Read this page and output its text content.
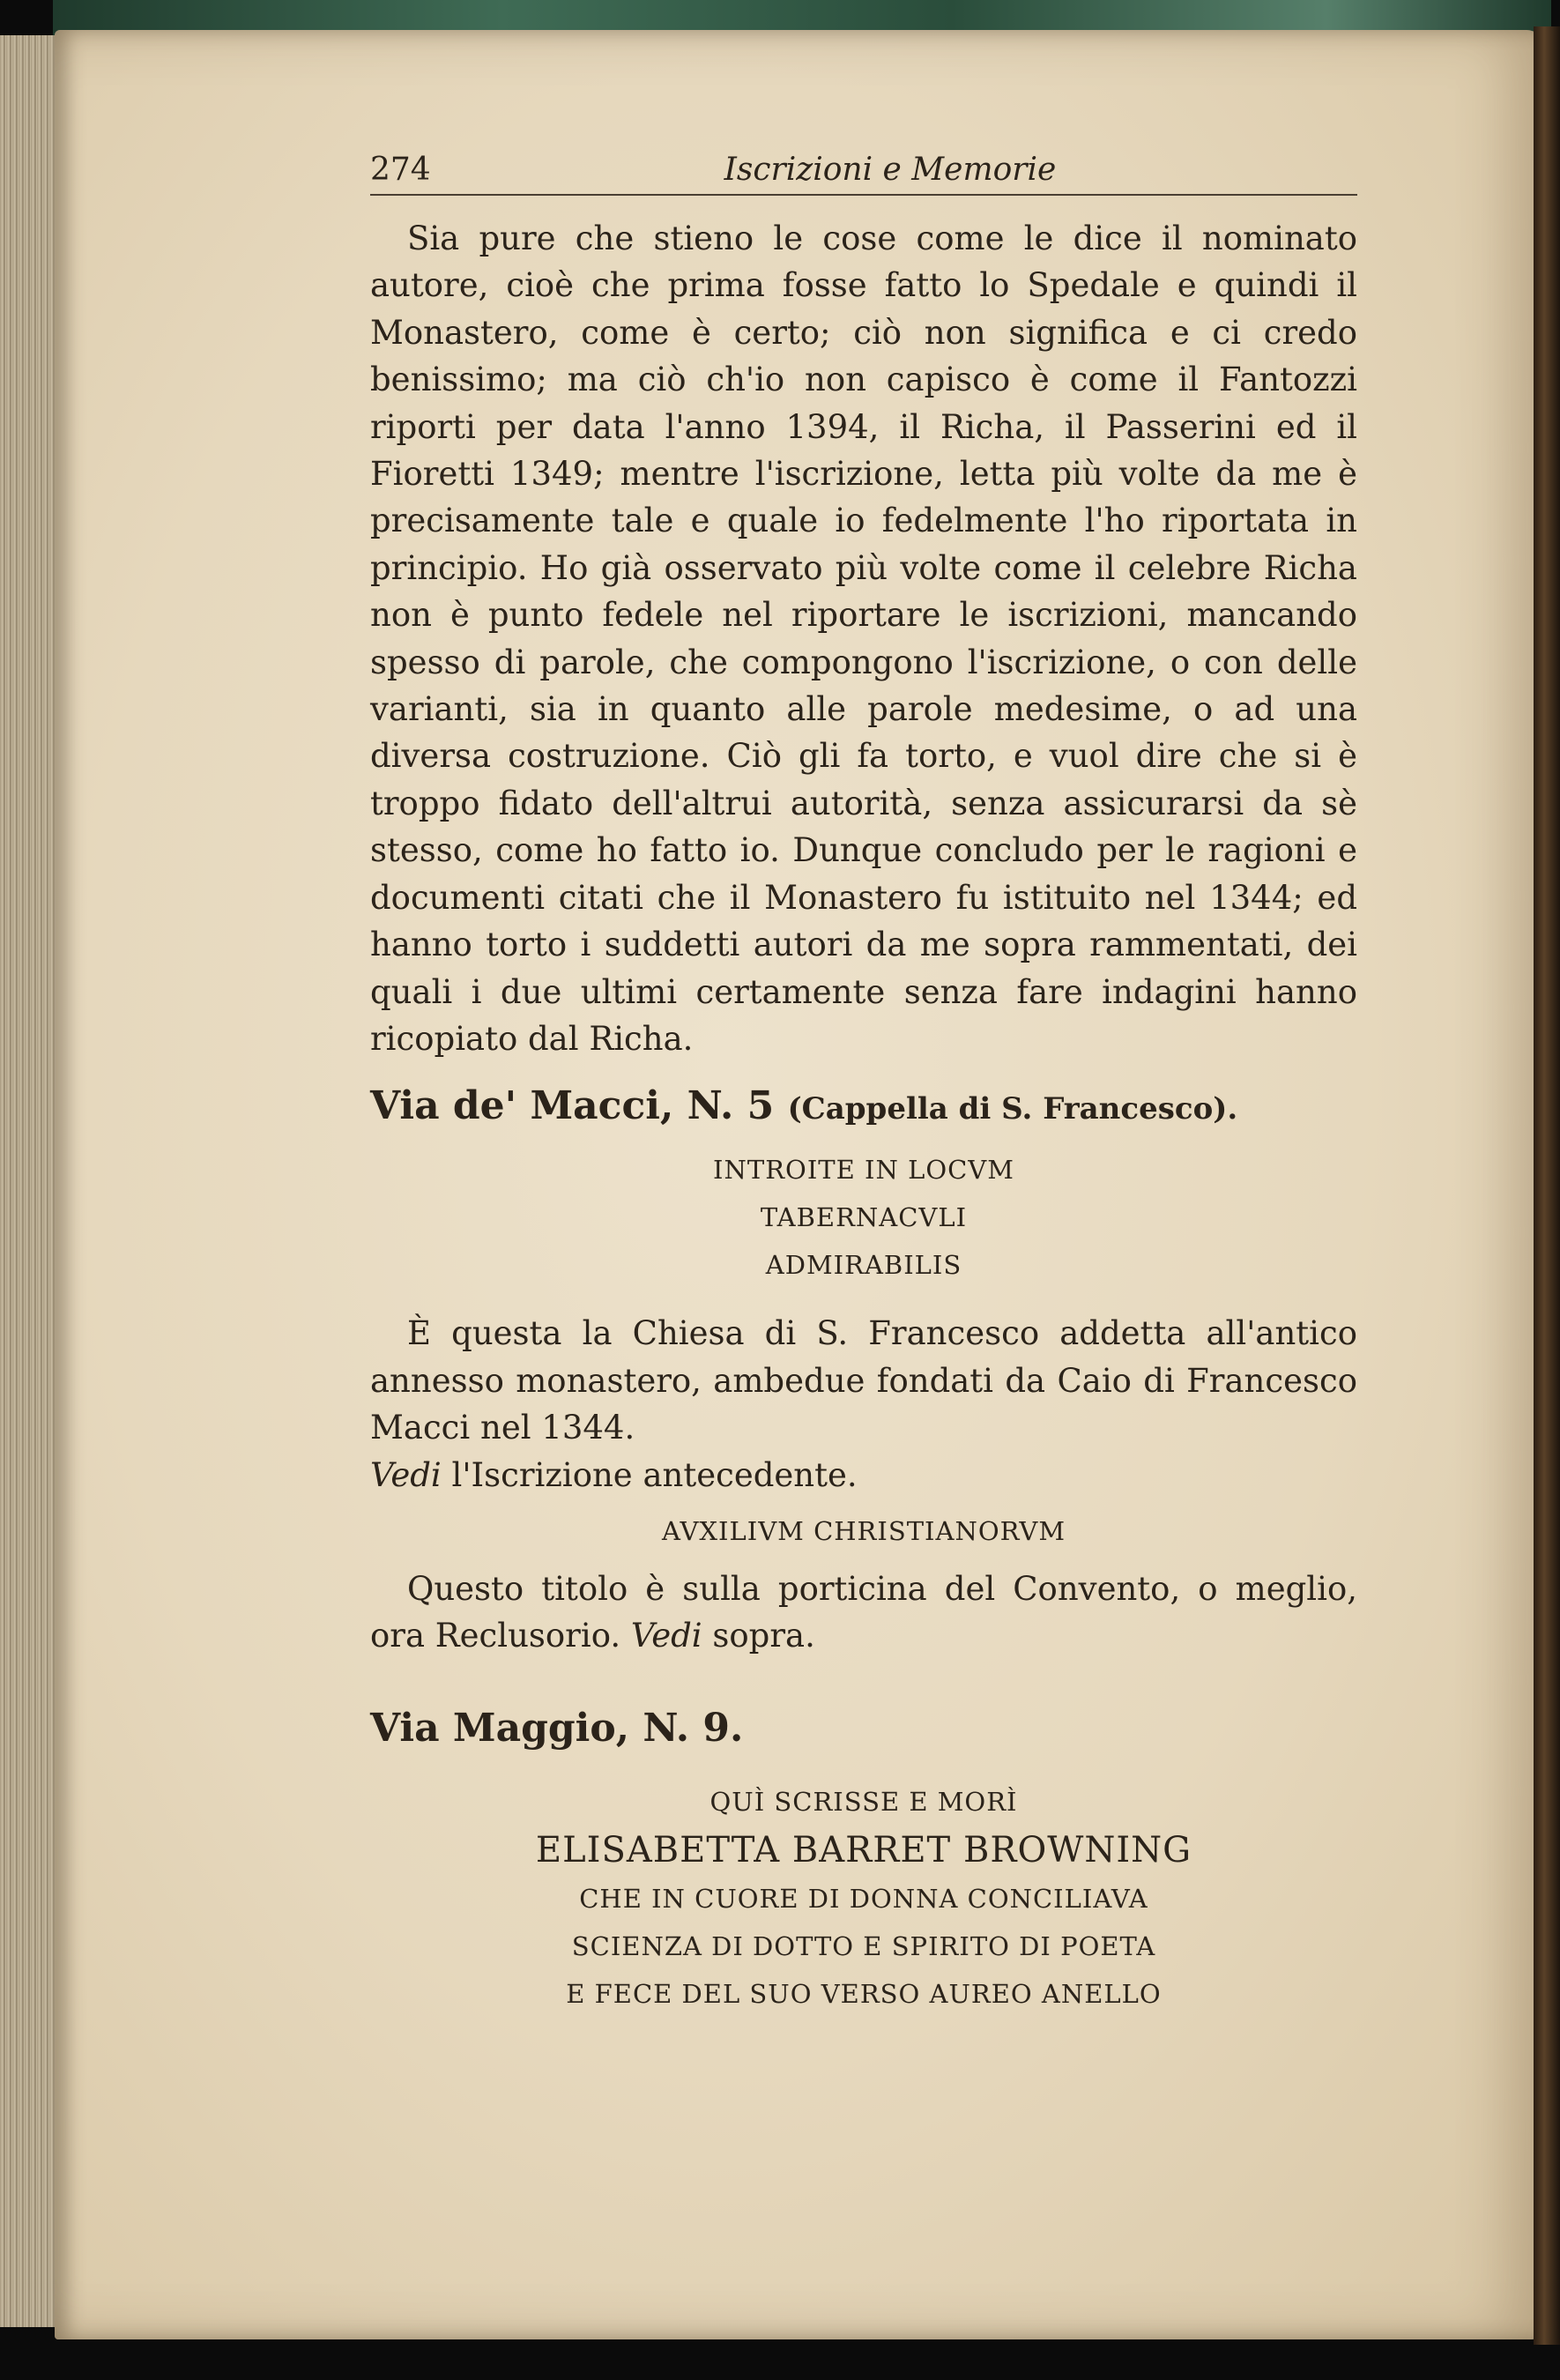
274	Iscrizioni e Memorie

Sia pure che stieno le cose come le dice il nominato autore, cioè che prima fosse fatto lo Spedale e quindi il Monastero, come è certo; ciò non significa e ci credo benissimo; ma ciò ch'io non capisco è come il Fantozzi riporti per data l'anno 1394, il Richa, il Passerini ed il Fioretti 1349; mentre l'iscrizione, letta più volte da me è precisamente tale e quale io fedelmente l'ho riportata in principio. Ho già osservato più volte come il celebre Richa non è punto fedele nel riportare le iscrizioni, mancando spesso di parole, che compongono l'iscrizione, o con delle varianti, sia in quanto alle parole medesime, o ad una diversa costruzione. Ciò gli fa torto, e vuol dire che si è troppo fidato dell'altrui autorità, senza assicurarsi da sè stesso, come ho fatto io. Dunque concludo per le ragioni e documenti citati che il Monastero fu istituito nel 1344; ed hanno torto i suddetti autori da me sopra rammentati, dei quali i due ultimi certamente senza fare indagini hanno ricopiato dal Richa.

Via de' Macci, N. 5 (Cappella di S. Francesco).

INTROITE IN LOCVM

TABERNACVLI

ADMIRABILIS

È questa la Chiesa di S. Francesco addetta all'antico annesso monastero, ambedue fondati da Caio di Francesco Macci nel 1344.
Vedi l'Iscrizione antecedente.

AVXILIVM CHRISTIANORVM

Questo titolo è sulla porticina del Convento, o meglio, ora Reclusorio. Vedi sopra.

Via Maggio, N. 9.

QUÌ SCRISSE E MORÌ

ELISABETTA BARRET BROWNING

CHE IN CUORE DI DONNA CONCILIAVA

SCIENZA DI DOTTO E SPIRITO DI POETA

E FECE DEL SUO VERSO AUREO ANELLO
